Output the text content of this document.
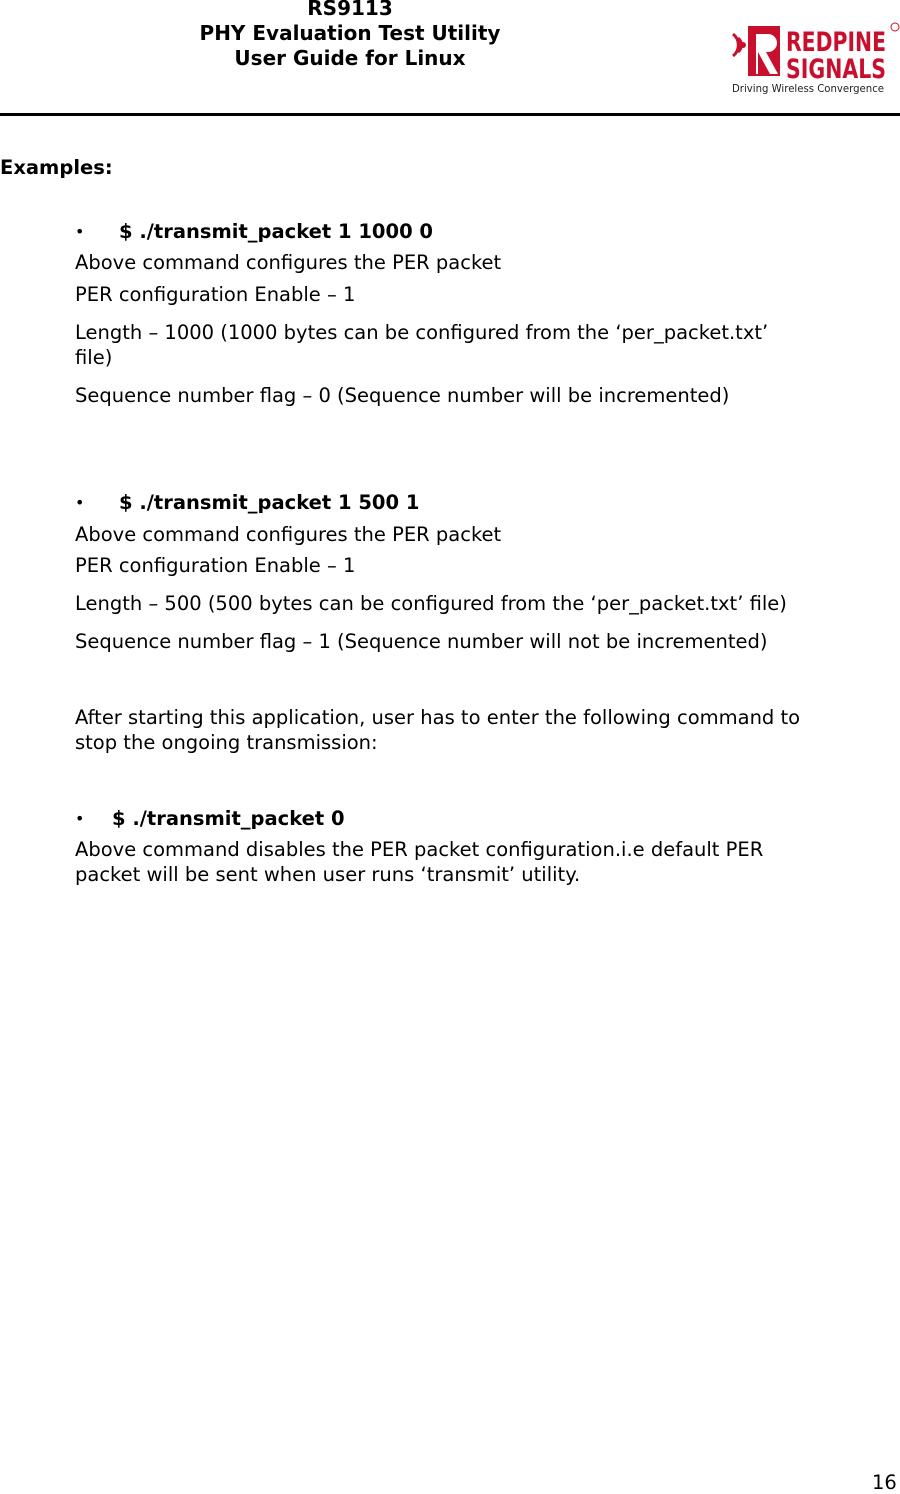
RS9113
PHY Evaluation Test Utility
User Guide for Linux	REDPINE
SIGNALS
Driving Wireless Convergence
Examples:
• $ ./transmit_packet 1 1000 0
Above command configures the PER packet
PER configuration Enable – 1
Length – 1000 (1000 bytes can be configured from the ‘per_packet.txt’
file)
Sequence number flag – 0 (Sequence number will be incremented)
• $ ./transmit_packet 1 500 1
Above command configures the PER packet
PER configuration Enable – 1
Length – 500 (500 bytes can be configured from the ‘per_packet.txt’ file)
Sequence number flag – 1 (Sequence number will not be incremented)
After starting this application, user has to enter the following command to
stop the ongoing transmission:
• $ ./transmit_packet 0
Above command disables the PER packet configuration.i.e default PER
packet will be sent when user runs ‘transmit’ utility.
16
